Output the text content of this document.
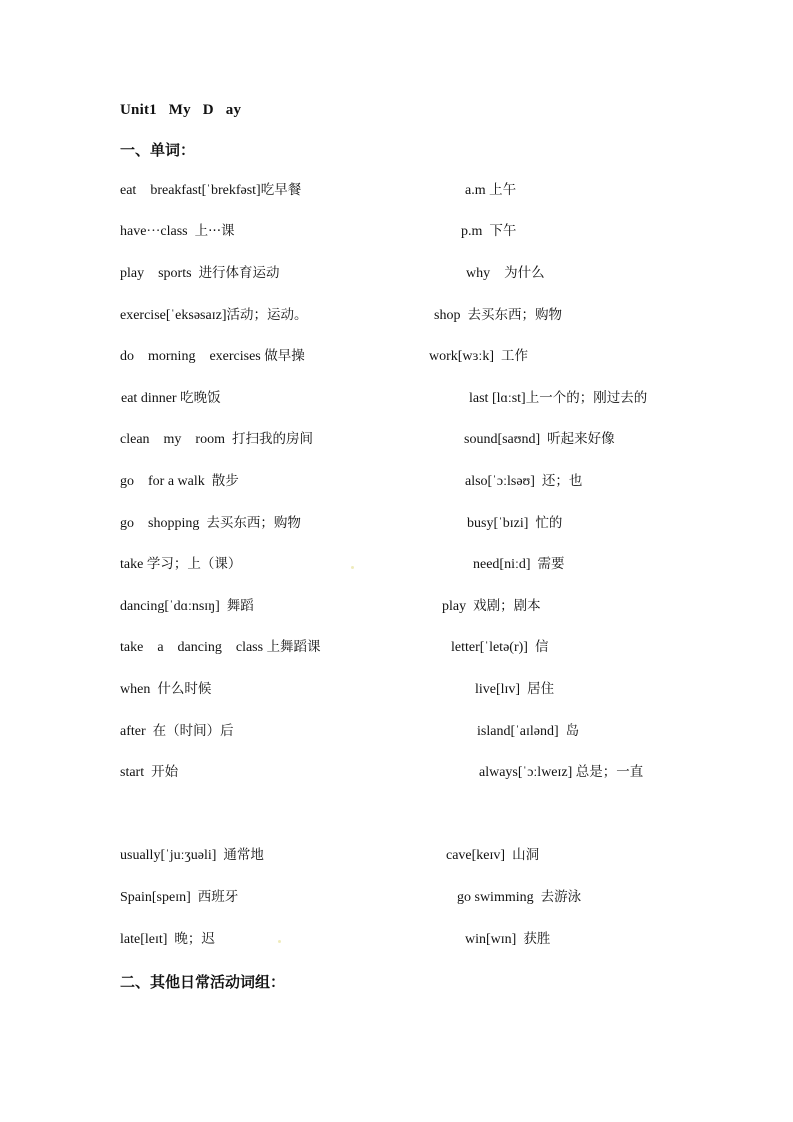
Unit1 My D ay
一、单词：
eat    breakfast[ˈbrekfəst]吃早餐
have···class  上···课
play    sports  进行体育运动
exercise[ˈeksəsaɪz]活动；运动。
do    morning    exercises 做早操
eat dinner 吃晚饭
clean    my    room  打扫我的房间
go    for a walk  散步
go    shopping  去买东西；购物
take 学习；上（课）
dancing[ˈdɑːnsɪŋ]  舞蹈
take    a    dancing    class 上舞蹈课
when  什么时候
after  在（时间）后
start  开始
usually[ˈjuːʒuəli]  通常地
Spain[speɪn]  西班牙
late[leɪt]  晚；迟
a.m 上午
p.m  下午
why    为什么
shop  去买东西；购物
work[wɜːk]  工作
last [lɑːst]上一个的；刚过去的
sound[saʊnd]  听起来好像
also[ˈɔːlsəʊ]  还；也
busy[ˈbɪzi]  忙的
need[niːd]  需要
play  戏剧；剧本
letter[ˈletə(r)]  信
live[lɪv]  居住
island[ˈaɪlənd]  岛
always[ˈɔːlweɪz] 总是；一直
cave[keɪv]  山洞
go swimming  去游泳
win[wɪn]  获胜
二、其他日常活动词组：
